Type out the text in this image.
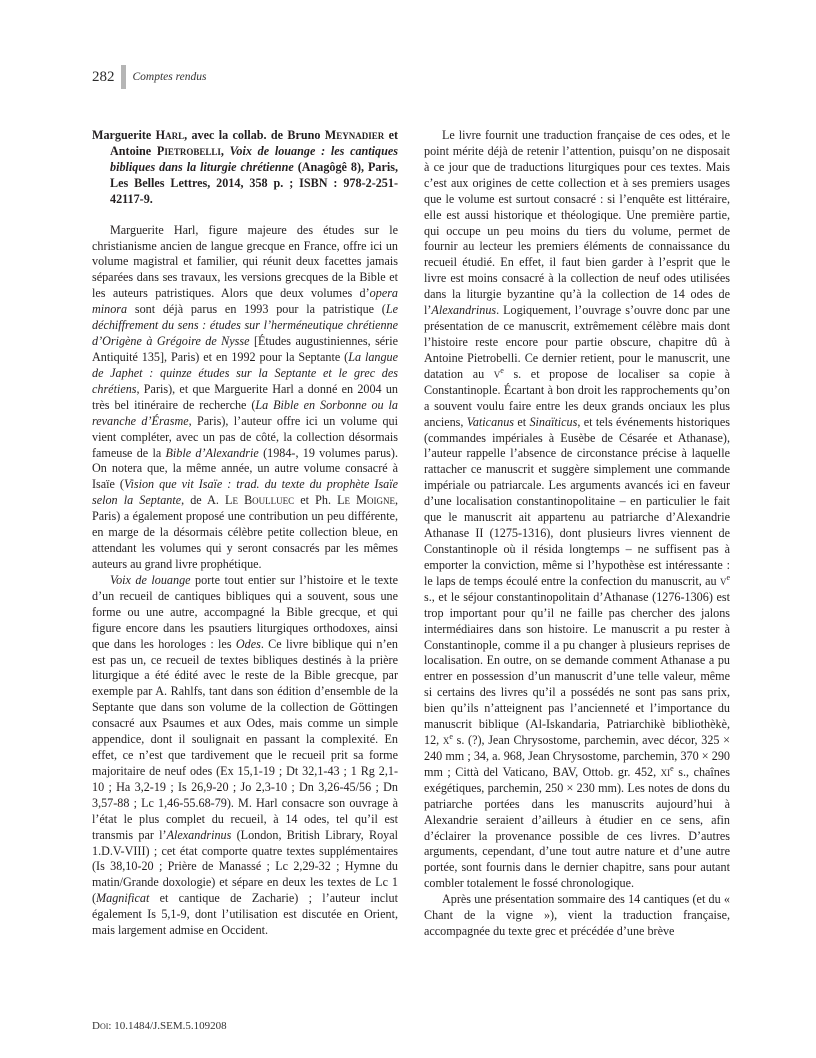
282 Comptes rendus

Marguerite Harl, avec la collab. de Bruno Meynadier et Antoine Pietrobelli, Voix de louange : les cantiques bibliques dans la liturgie chrétienne (Anagôgê 8), Paris, Les Belles Lettres, 2014, 358 p. ; ISBN : 978-2-251-42117-9.

Marguerite Harl, figure majeure des études sur le christianisme ancien de langue grecque en France, offre ici un volume magistral et familier, qui réunit deux facettes jamais séparées dans ses travaux, les versions grecques de la Bible et les auteurs patristiques. Alors que deux volumes d’opera minora sont déjà parus en 1993 pour la patristique (Le déchiffrement du sens : études sur l’herméneutique chrétienne d’Origène à Grégoire de Nysse [Études augustiniennes, série Antiquité 135], Paris) et en 1992 pour la Septante (La langue de Japhet : quinze études sur la Septante et le grec des chrétiens, Paris), et que Marguerite Harl a donné en 2004 un très bel itinéraire de recherche (La Bible en Sorbonne ou la revanche d’Érasme, Paris), l’auteur offre ici un volume qui vient compléter, avec un pas de côté, la collection désormais fameuse de la Bible d’Alexandrie (1984-, 19 volumes parus). On notera que, la même année, un autre volume consacré à Isaïe (Vision que vit Isaïe : trad. du texte du prophète Isaïe selon la Septante, de A. Le Boulluec et Ph. Le Moigne, Paris) a également proposé une contribution un peu différente, en marge de la désormais célèbre petite collection bleue, en attendant les volumes qui y seront consacrés par les mêmes auteurs au grand livre prophétique.

Voix de louange porte tout entier sur l’histoire et le texte d’un recueil de cantiques bibliques qui a souvent, sous une forme ou une autre, accompagné la Bible grecque, et qui figure encore dans les psautiers liturgiques orthodoxes, ainsi que dans les horologes : les Odes. Ce livre biblique qui n’en est pas un, ce recueil de textes bibliques destinés à la prière liturgique a été édité avec le reste de la Bible grecque, par exemple par A. Rahlfs, tant dans son édition d’ensemble de la Septante que dans son volume de la collection de Göttingen consacré aux Psaumes et aux Odes, mais comme un simple appendice, dont il soulignait en passant la complexité. En effet, ce n’est que tardivement que le recueil prit sa forme majoritaire de neuf odes (Ex 15,1-19 ; Dt 32,1-43 ; 1 Rg 2,1-10 ; Ha 3,2-19 ; Is 26,9-20 ; Jo 2,3-10 ; Dn 3,26-45/56 ; Dn 3,57-88 ; Lc 1,46-55.68-79). M. Harl consacre son ouvrage à l’état le plus complet du recueil, à 14 odes, tel qu’il est transmis par l’Alexandrinus (London, British Library, Royal 1.D.V-VIII) ; cet état comporte quatre textes supplémentaires (Is 38,10-20 ; Prière de Manassé ; Lc 2,29-32 ; Hymne du matin/Grande doxologie) et sépare en deux les textes de Lc 1 (Magnificat et cantique de Zacharie) ; l’auteur inclut également Is 5,1-9, dont l’utilisation est discutée en Orient, mais largement admise en Occident.

Le livre fournit une traduction française de ces odes, et le point mérite déjà de retenir l’attention, puisqu’on ne disposait à ce jour que de traductions liturgiques pour ces textes. Mais c’est aux origines de cette collection et à ses premiers usages que le volume est surtout consacré : si l’enquête est littéraire, elle est aussi historique et théologique. Une première partie, qui occupe un peu moins du tiers du volume, permet de fournir au lecteur les premiers éléments de connaissance du recueil étudié. En effet, il faut bien garder à l’esprit que le livre est moins consacré à la collection de neuf odes utilisées dans la liturgie byzantine qu’à la collection de 14 odes de l’Alexandrinus. Logiquement, l’ouvrage s’ouvre donc par une présentation de ce manuscrit, extrêmement célèbre mais dont l’histoire reste encore pour partie obscure, chapitre dû à Antoine Pietrobelli. Ce dernier retient, pour le manuscrit, une datation au $v^e$ s. et propose de localiser sa copie à Constantinople. Écartant à bon droit les rapprochements qu’on a souvent voulu faire entre les deux grands onciaux les plus anciens, Vaticanus et Sinaïticus, et tels événements historiques (commandes impériales à Eusèbe de Césarée et Athanase), l’auteur rappelle l’absence de circonstance précise à laquelle rattacher ce manuscrit et suggère simplement une commande impériale ou patriarcale. Les arguments avancés ici en faveur d’une localisation constantinopolitaine – en particulier le fait que le manuscrit ait appartenu au patriarche d’Alexandrie Athanase II (1275-1316), dont plusieurs livres viennent de Constantinople où il résida longtemps – ne suffisent pas à emporter la conviction, même si l’hypothèse est intéressante : le laps de temps écoulé entre la confection du manuscrit, au $v^e$ s., et le séjour constantinopolitain d’Athanase (1276-1306) est trop important pour qu’il ne faille pas chercher des jalons intermédiaires dans son histoire. Le manuscrit a pu rester à Constantinople, comme il a pu changer à plusieurs reprises de localisation. En outre, on se demande comment Athanase a pu entrer en possession d’un manuscrit d’une telle valeur, même si certains des livres qu’il a possédés ne sont pas sans prix, bien qu’ils n’atteignent pas l’ancienneté et l’importance du manuscrit biblique (Al-Iskandaria, Patriarchikè bibliothèkè, 12, $x^e$ s. (?), Jean Chrysostome, parchemin, avec décor, 325 × 240 mm ; 34, a. 968, Jean Chrysostome, parchemin, 370 × 290 mm ; Città del Vaticano, BAV, Ottob. gr. 452, $xi^e$ s., chaînes exégétiques, parchemin, 250 × 230 mm). Les notes de dons du patriarche portées dans les manuscrits aujourd’hui à Alexandrie seraient d’ailleurs à étudier en ce sens, afin d’éclairer la provenance possible de ces livres. D’autres arguments, cependant, d’une tout autre nature et d’une autre portée, sont fournis dans le dernier chapitre, sans pour autant combler totalement le fossé chronologique.

Après une présentation sommaire des 14 cantiques (et du « Chant de la vigne »), vient la traduction française, accompagnée du texte grec et précédée d’une brève

Doi: 10.1484/J.SEM.5.109208
